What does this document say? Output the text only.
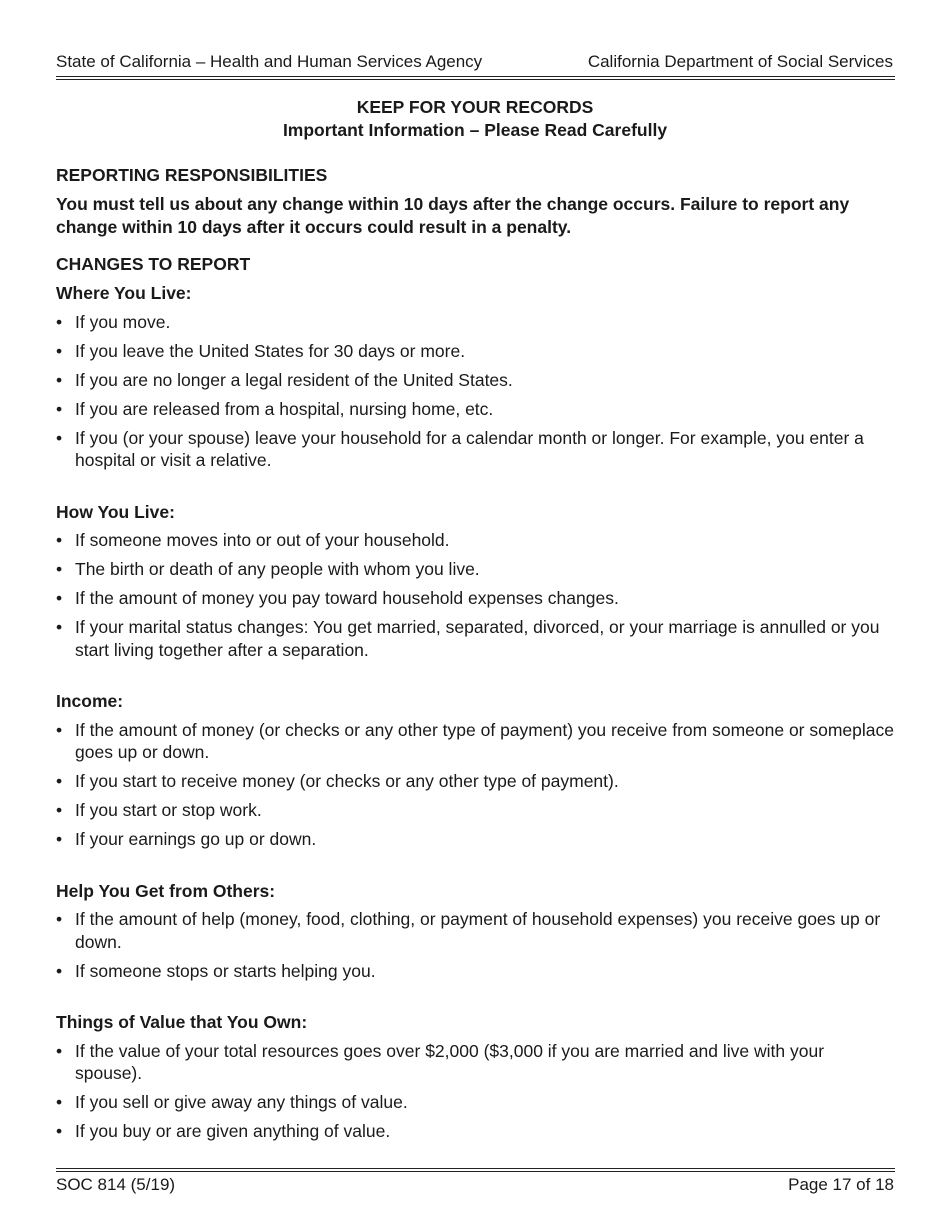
State of California – Health and Human Services Agency	California Department of Social Services
KEEP FOR YOUR RECORDS
Important Information – Please Read Carefully
REPORTING RESPONSIBILITIES
You must tell us about any change within 10 days after the change occurs. Failure to report any change within 10 days after it occurs could result in a penalty.
CHANGES TO REPORT
Where You Live:
• If you move.
• If you leave the United States for 30 days or more.
• If you are no longer a legal resident of the United States.
• If you are released from a hospital, nursing home, etc.
• If you (or your spouse) leave your household for a calendar month or longer. For example, you enter a hospital or visit a relative.
How You Live:
• If someone moves into or out of your household.
• The birth or death of any people with whom you live.
• If the amount of money you pay toward household expenses changes.
• If your marital status changes: You get married, separated, divorced, or your marriage is annulled or you start living together after a separation.
Income:
• If the amount of money (or checks or any other type of payment) you receive from someone or someplace goes up or down.
• If you start to receive money (or checks or any other type of payment).
• If you start or stop work.
• If your earnings go up or down.
Help You Get from Others:
• If the amount of help (money, food, clothing, or payment of household expenses) you receive goes up or down.
• If someone stops or starts helping you.
Things of Value that You Own:
• If the value of your total resources goes over $2,000 ($3,000 if you are married and live with your spouse).
• If you sell or give away any things of value.
• If you buy or are given anything of value.
SOC 814 (5/19)	Page 17 of 18
